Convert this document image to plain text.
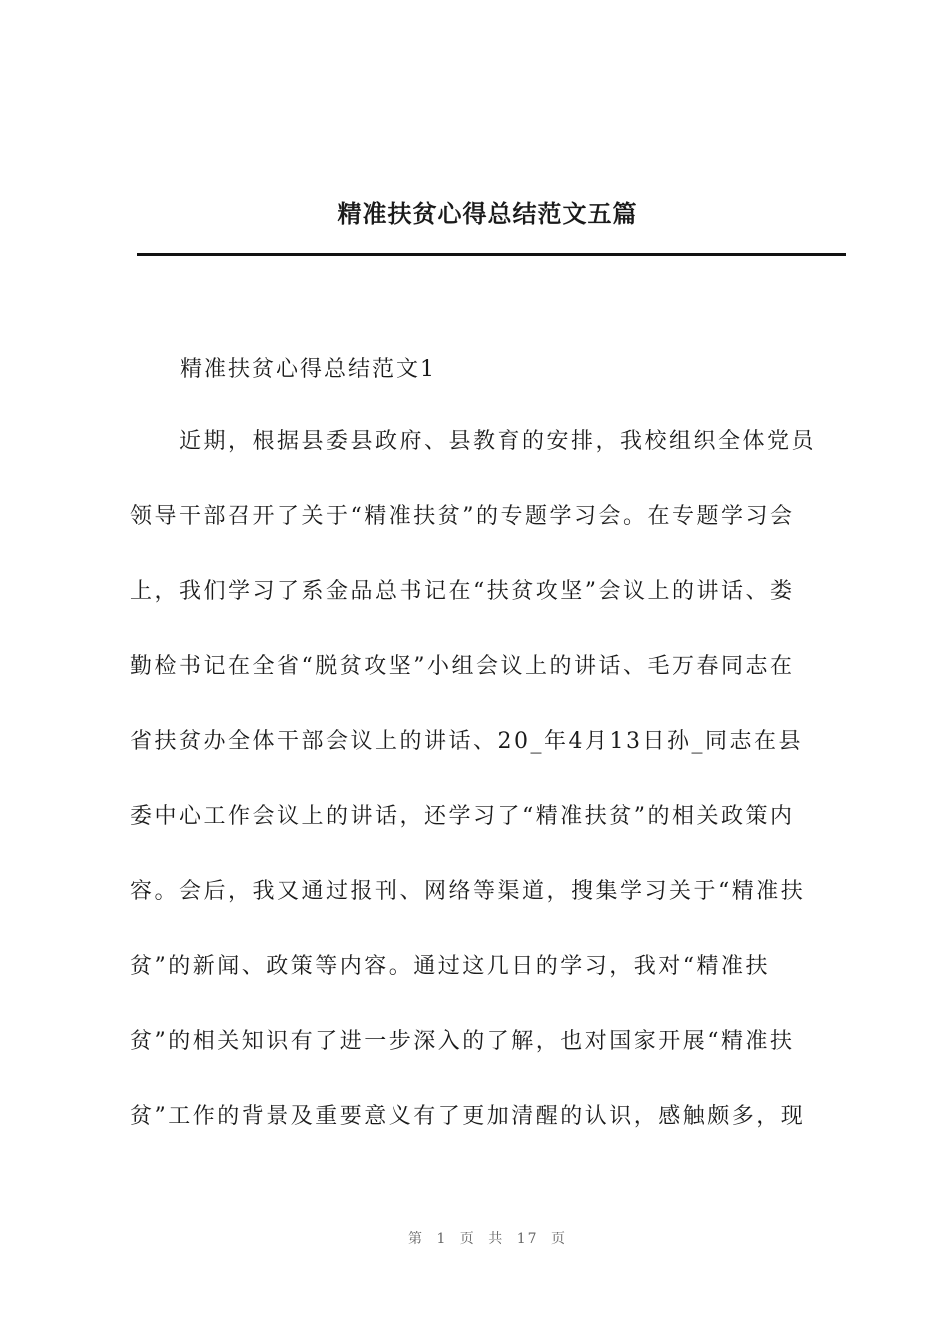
精准扶贫心得总结范文五篇
精准扶贫心得总结范文1
　　近期，根据县委县政府、县教育的安排，我校组织全体党员
领导干部召开了关于“精准扶贫”的专题学习会。在专题学习会
上，我们学习了系金品总书记在“扶贫攻坚”会议上的讲话、娄
勤检书记在全省“脱贫攻坚”小组会议上的讲话、毛万春同志在
省扶贫办全体干部会议上的讲话、20_年4月13日孙_同志在县
委中心工作会议上的讲话，还学习了“精准扶贫”的相关政策内
容。会后，我又通过报刊、网络等渠道，搜集学习关于“精准扶
贫”的新闻、政策等内容。通过这几日的学习，我对“精准扶
贫”的相关知识有了进一步深入的了解，也对国家开展“精准扶
贫”工作的背景及重要意义有了更加清醒的认识，感触颇多，现
第 1 页 共 17 页
